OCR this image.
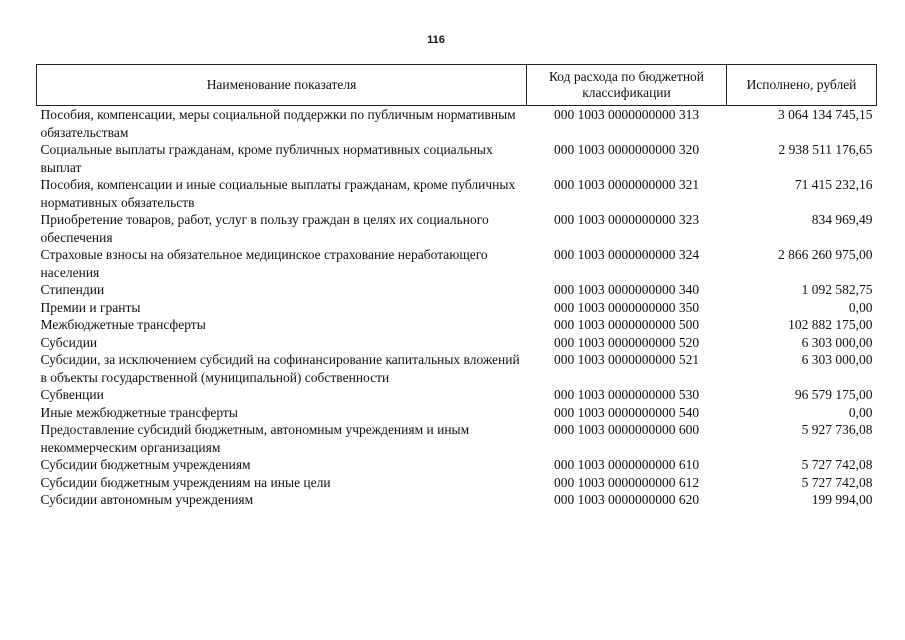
116
Наименование показателя	Код расхода по бюджетной классификации	Исполнено, рублей
Пособия, компенсации, меры социальной поддержки по публичным нормативным обязательствам	000 1003 0000000000 313	3 064 134 745,15
Социальные выплаты гражданам, кроме публичных нормативных социальных выплат	000 1003 0000000000 320	2 938 511 176,65
Пособия, компенсации и иные социальные выплаты гражданам, кроме публичных нормативных обязательств	000 1003 0000000000 321	71 415 232,16
Приобретение товаров, работ, услуг в пользу граждан в целях их социального обеспечения	000 1003 0000000000 323	834 969,49
Страховые взносы на обязательное медицинское страхование неработающего населения	000 1003 0000000000 324	2 866 260 975,00
Стипендии	000 1003 0000000000 340	1 092 582,75
Премии и гранты	000 1003 0000000000 350	0,00
Межбюджетные трансферты	000 1003 0000000000 500	102 882 175,00
Субсидии	000 1003 0000000000 520	6 303 000,00
Субсидии, за исключением субсидий на софинансирование капитальных вложений в объекты государственной (муниципальной) собственности	000 1003 0000000000 521	6 303 000,00
Субвенции	000 1003 0000000000 530	96 579 175,00
Иные межбюджетные трансферты	000 1003 0000000000 540	0,00
Предоставление субсидий бюджетным, автономным учреждениям и иным некоммерческим организациям	000 1003 0000000000 600	5 927 736,08
Субсидии бюджетным учреждениям	000 1003 0000000000 610	5 727 742,08
Субсидии бюджетным учреждениям на иные цели	000 1003 0000000000 612	5 727 742,08
Субсидии автономным учреждениям	000 1003 0000000000 620	199 994,00
